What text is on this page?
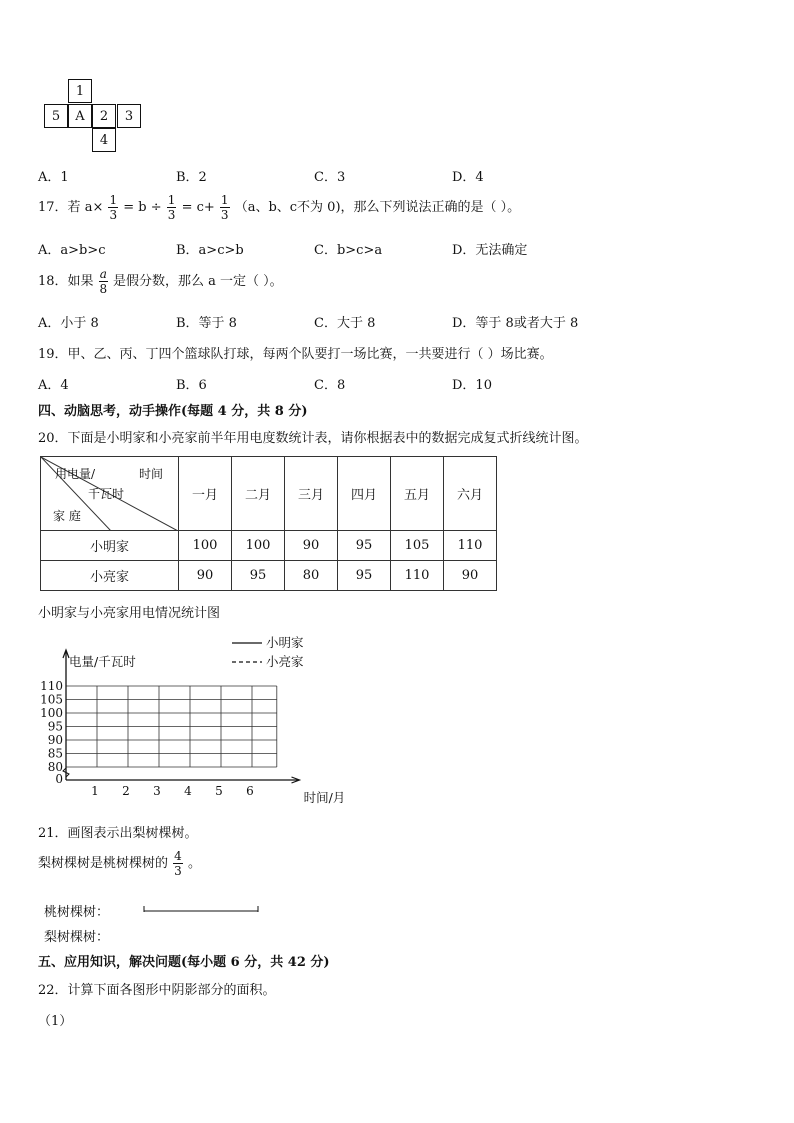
1
5	A	2	3
4
A．1	B．2	C．3	D．4
17．若 $a\times \frac{1}{3} = b \div \frac{1}{3} = c+ \frac{1}{3} (a$、b、c不为 0)，那么下列说法正确的是（ ）。
A．a>b>c	B．a>c>b	C．b>c>a	D．无法确定
18．如果 $\frac{a}{8}$ 是假分数，那么 a 一定（ ）。
A．小于 8	B．等于 8	C．大于 8	D．等于 8或者大于 8
19．甲、乙、丙、丁四个篮球队打球，每两个队要打一场比赛，一共要进行（ ）场比赛。
A．4	B．6	C．8	D．10
四、动脑思考，动手操作(每题 4 分，共 8 分)
20．下面是小明家和小亮家前半年用电度数统计表，请你根据表中的数据完成复式折线统计图。
用电量/ 时间
千瓦时
家 庭	一月	二月	三月	四月	五月	六月
小明家	100	100	90	95	105	110
小亮家	90	95	80	95	110	90
小明家与小亮家用电情况统计图
0
80
85
90
95
100
105
110
1 2 3 4 5 6
电量/千瓦时
时间/月
小明家
小亮家
21．画图表示出梨树棵树。
梨树棵树是桃树棵树的 $\frac{4}{3}$ 。
桃树棵树：
梨树棵树：
五、应用知识，解决问题(每小题 6 分，共 42 分)
22．计算下面各图形中阴影部分的面积。
（1）
